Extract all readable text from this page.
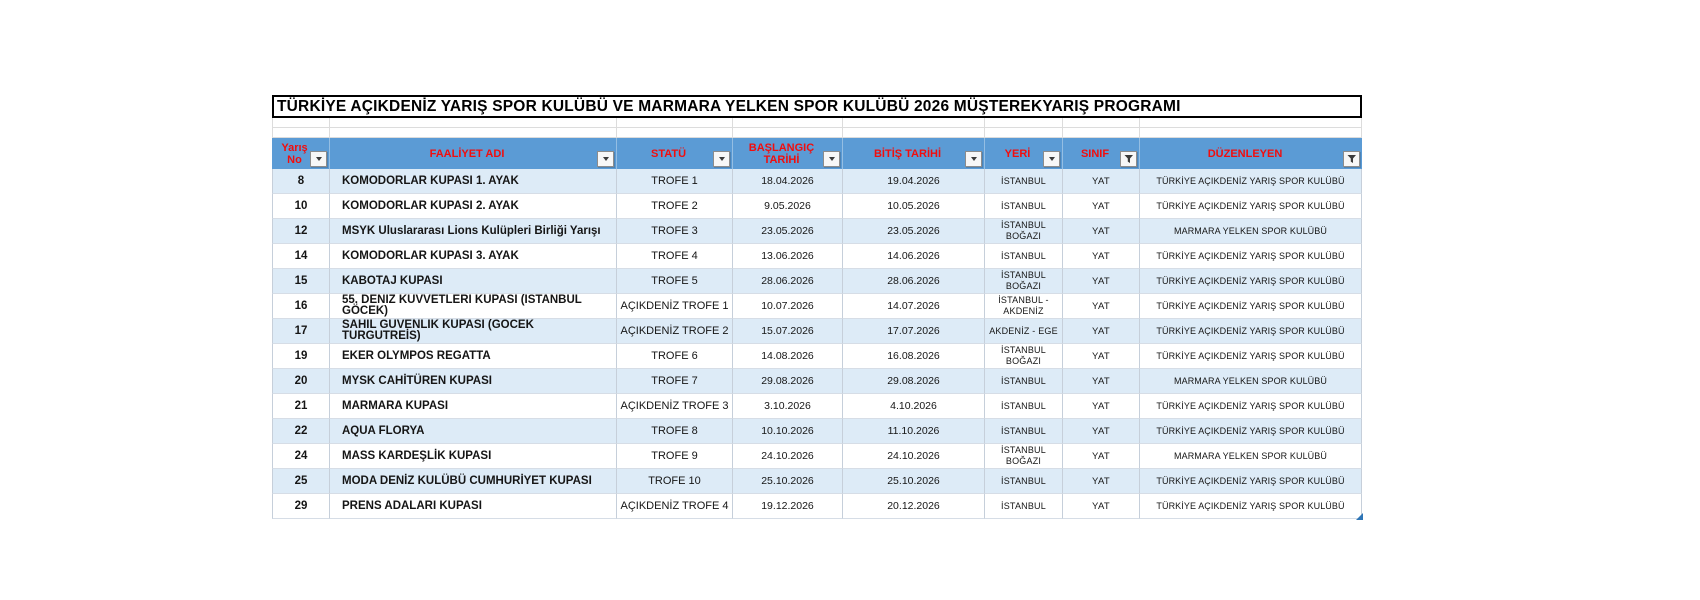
TÜRKİYE AÇIKDENİZ YARIŞ SPOR KULÜBÜ VE MARMARA YELKEN SPOR KULÜBÜ 2026 MÜŞTEREKYARIŞ PROGRAMI
Yarış No	FAALİYET ADI	STATÜ	BAŞLANGIÇ TARİHİ	BİTİŞ TARİHİ	YERİ	SINIF	DÜZENLEYEN
8	KOMODORLAR KUPASI 1. AYAK	TROFE 1	18.04.2026	19.04.2026	İSTANBUL	YAT	TÜRKİYE AÇIKDENİZ YARIŞ SPOR KULÜBÜ
10	KOMODORLAR KUPASI 2. AYAK	TROFE 2	9.05.2026	10.05.2026	İSTANBUL	YAT	TÜRKİYE AÇIKDENİZ YARIŞ SPOR KULÜBÜ
12	MSYK Uluslararası Lions Kulüpleri Birliği Yarışı	TROFE 3	23.05.2026	23.05.2026	İSTANBUL BOĞAZI	YAT	MARMARA YELKEN SPOR KULÜBÜ
14	KOMODORLAR KUPASI 3. AYAK	TROFE 4	13.06.2026	14.06.2026	İSTANBUL	YAT	TÜRKİYE AÇIKDENİZ YARIŞ SPOR KULÜBÜ
15	KABOTAJ KUPASI	TROFE 5	28.06.2026	28.06.2026	İSTANBUL BOĞAZI	YAT	TÜRKİYE AÇIKDENİZ YARIŞ SPOR KULÜBÜ
16	55. DENİZ KUVVETLERİ KUPASI (İSTANBUL GÖCEK)	AÇIKDENİZ TROFE 1	10.07.2026	14.07.2026	İSTANBUL - AKDENİZ	YAT	TÜRKİYE AÇIKDENİZ YARIŞ SPOR KULÜBÜ
17	SAHİL GÜVENLİK KUPASI (GÖCEK TURGUTREİS)	AÇIKDENİZ TROFE 2	15.07.2026	17.07.2026	AKDENİZ - EGE	YAT	TÜRKİYE AÇIKDENİZ YARIŞ SPOR KULÜBÜ
19	EKER OLYMPOS REGATTA	TROFE 6	14.08.2026	16.08.2026	İSTANBUL BOĞAZI	YAT	TÜRKİYE AÇIKDENİZ YARIŞ SPOR KULÜBÜ
20	MYSK CAHİTÜREN KUPASI	TROFE 7	29.08.2026	29.08.2026	İSTANBUL	YAT	MARMARA YELKEN SPOR KULÜBÜ
21	MARMARA KUPASI	AÇIKDENİZ TROFE 3	3.10.2026	4.10.2026	İSTANBUL	YAT	TÜRKİYE AÇIKDENİZ YARIŞ SPOR KULÜBÜ
22	AQUA FLORYA	TROFE 8	10.10.2026	11.10.2026	İSTANBUL	YAT	TÜRKİYE AÇIKDENİZ YARIŞ SPOR KULÜBÜ
24	MASS KARDEŞLİK KUPASI	TROFE 9	24.10.2026	24.10.2026	İSTANBUL BOĞAZI	YAT	MARMARA YELKEN SPOR KULÜBÜ
25	MODA DENİZ KULÜBÜ CUMHURİYET KUPASI	TROFE 10	25.10.2026	25.10.2026	İSTANBUL	YAT	TÜRKİYE AÇIKDENİZ YARIŞ SPOR KULÜBÜ
29	PRENS ADALARI KUPASI	AÇIKDENİZ TROFE 4	19.12.2026	20.12.2026	İSTANBUL	YAT	TÜRKİYE AÇIKDENİZ YARIŞ SPOR KULÜBÜ
